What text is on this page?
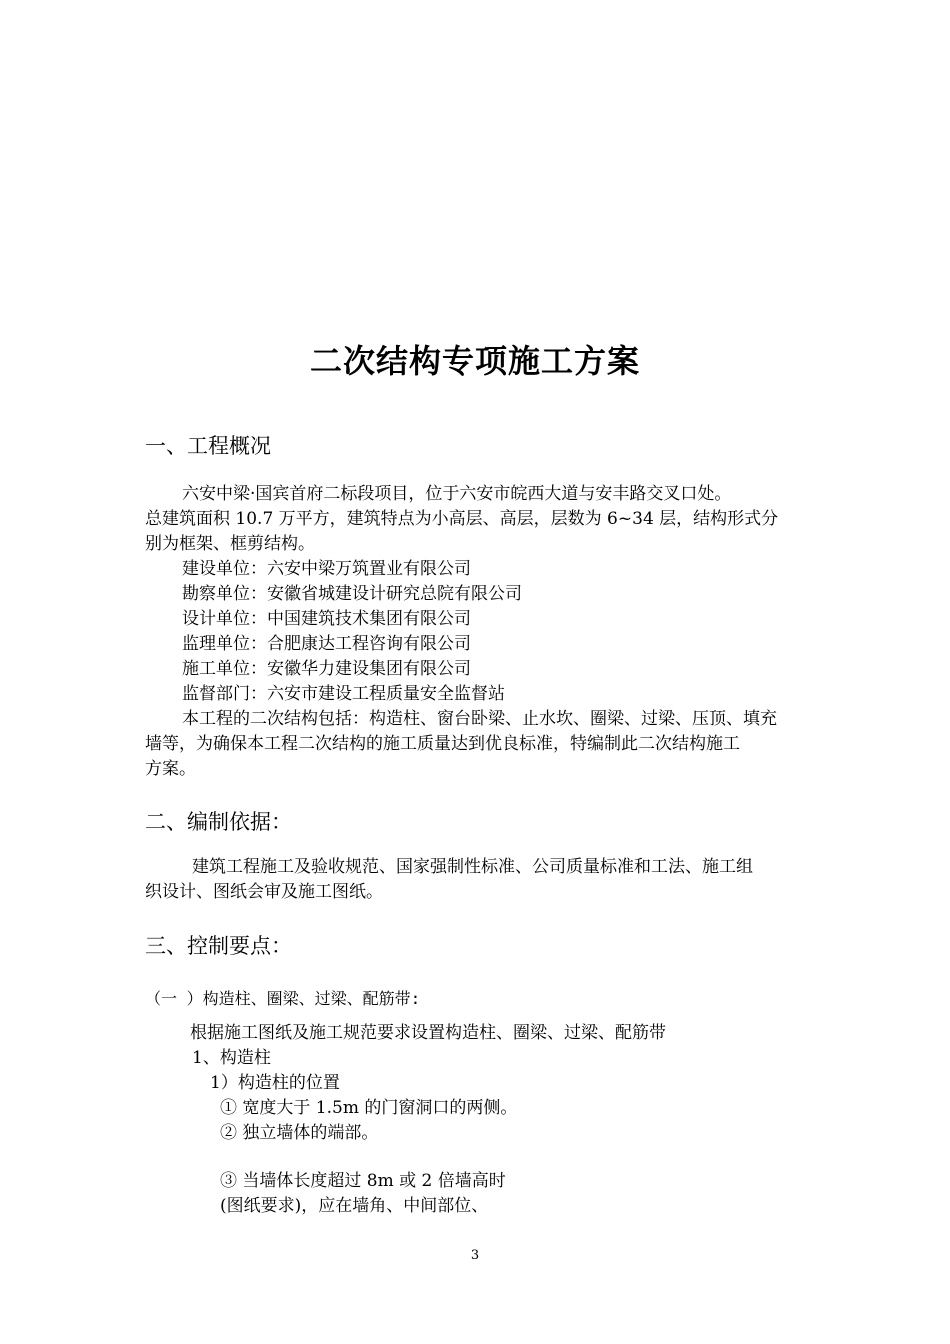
二次结构专项施工方案
一、工程概况
六安中梁·国宾首府二标段项目，位于六安市皖西大道与安丰路交叉口处。
总建筑面积 10.7 万平方，建筑特点为小高层、高层，层数为 6~34 层，结构形式分
别为框架、框剪结构。
建设单位：六安中梁万筑置业有限公司
勘察单位：安徽省城建设计研究总院有限公司
设计单位：中国建筑技术集团有限公司
监理单位：合肥康达工程咨询有限公司
施工单位：安徽华力建设集团有限公司
监督部门：六安市建设工程质量安全监督站
本工程的二次结构包括：构造柱、窗台卧梁、止水坎、圈梁、过梁、压顶、填充
墙等，为确保本工程二次结构的施工质量达到优良标准，特编制此二次结构施工
方案。
二、编制依据：
建筑工程施工及验收规范、国家强制性标准、公司质量标准和工法、施工组
织设计、图纸会审及施工图纸。
三、控制要点：
（一 ）构造柱、圈梁、过梁、配筋带:
根据施工图纸及施工规范要求设置构造柱、圈梁、过梁、配筋带
1、构造柱
1）构造柱的位置
① 宽度大于 1.5m 的门窗洞口的两侧。
② 独立墙体的端部。
③ 当墙体长度超过 8m 或 2 倍墙高时
(图纸要求)，应在墙角、中间部位、
3
